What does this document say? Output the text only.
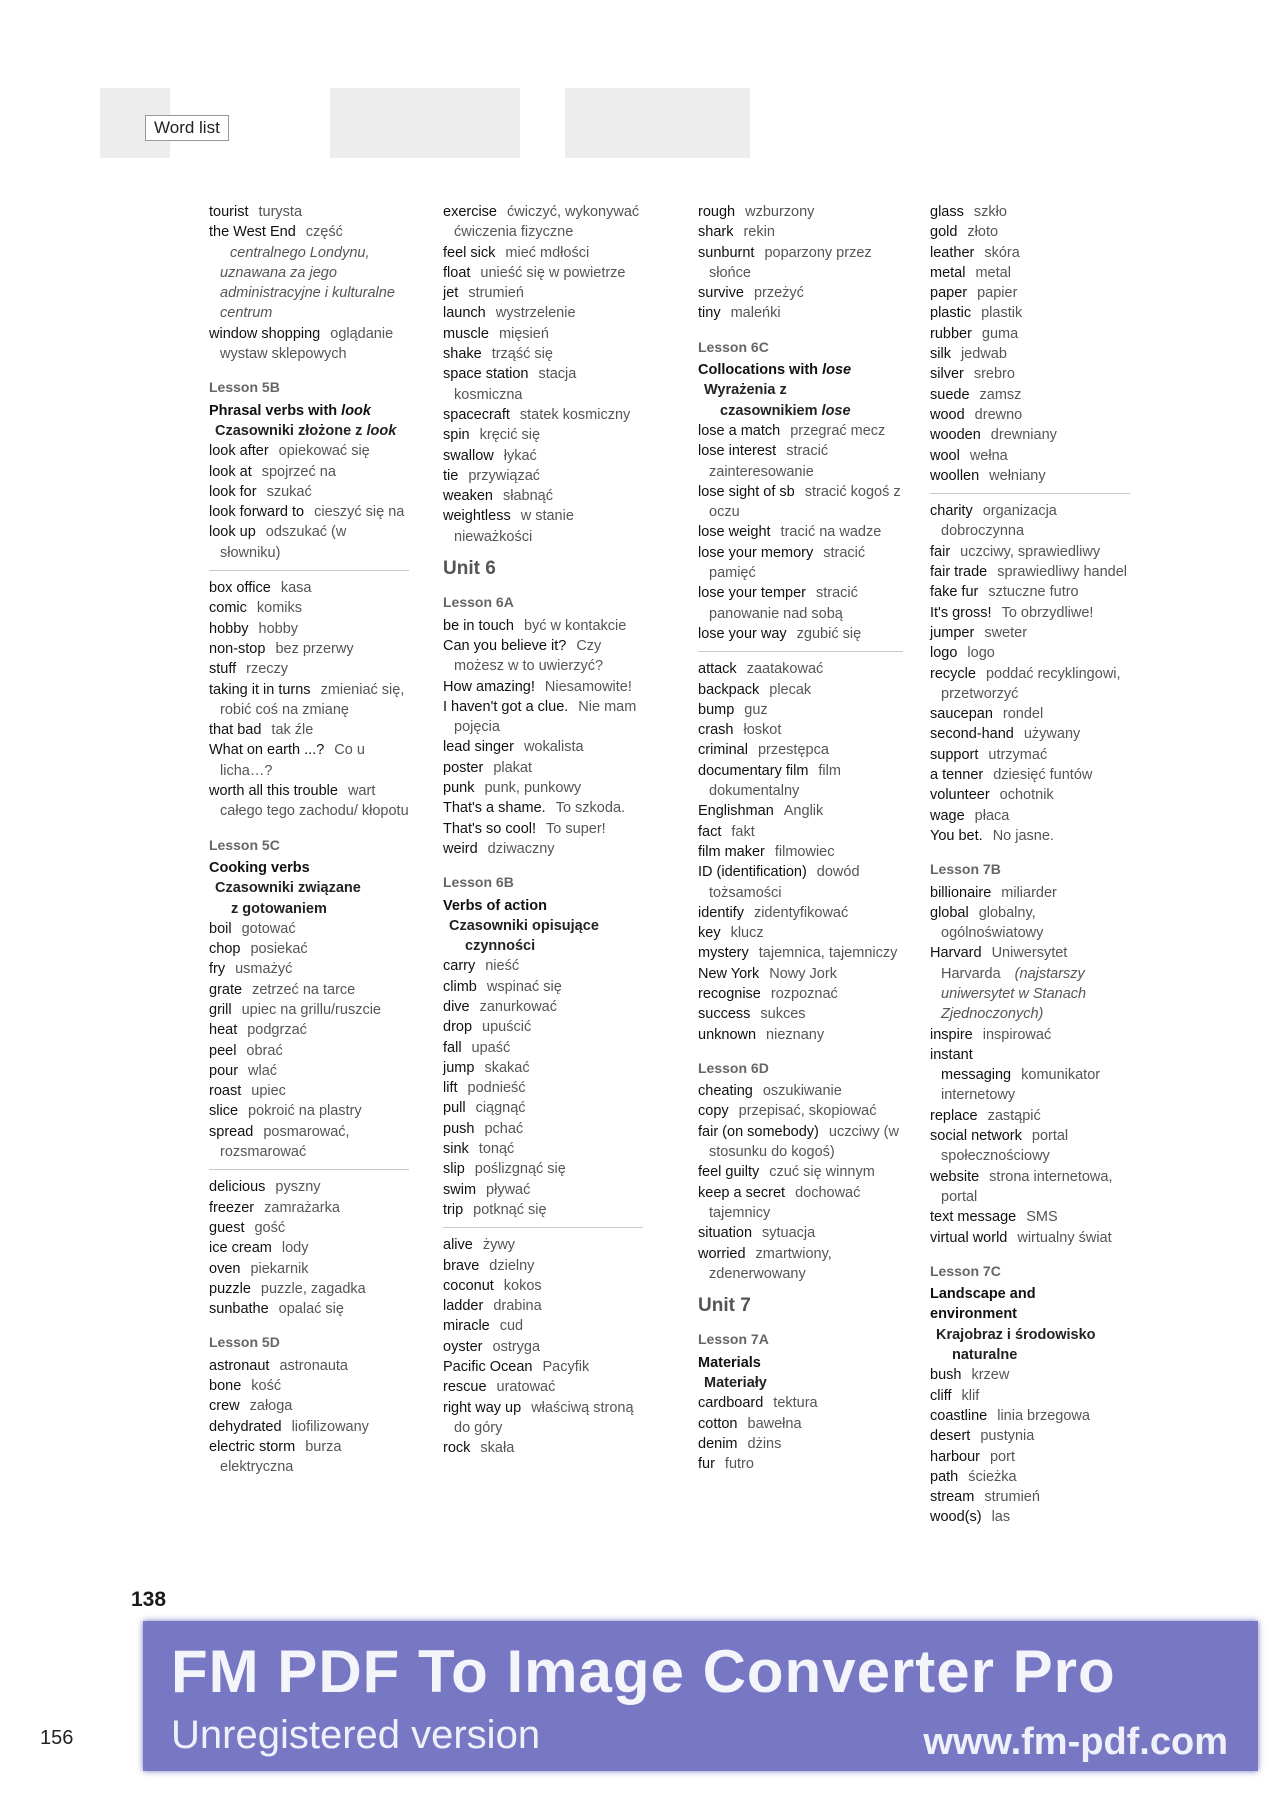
Word list
tourist turysta
the West End część centralnego Londynu, uznawana za jego administracyjne i kulturalne centrum
window shopping oglądanie wystaw sklepowych
Lesson 5B
Phrasal verbs with look
Czasowniki złożone z look
look after opiekować się
look at spojrzeć na
look for szukać
look forward to cieszyć się na
look up odszukać (w słowniku)
box office kasa
comic komiks
hobby hobby
non-stop bez przerwy
stuff rzeczy
taking it in turns zmieniać się, robić coś na zmianę
that bad tak źle
What on earth ...? Co u licha…?
worth all this trouble wart całego tego zachodu/ kłopotu
Lesson 5C
Cooking verbs
Czasowniki związane
z gotowaniem
boil gotować
chop posiekać
fry usmażyć
grate zetrzeć na tarce
grill upiec na grillu/ruszcie
heat podgrzać
peel obrać
pour wlać
roast upiec
slice pokroić na plastry
spread posmarować, rozsmarować
delicious pyszny
freezer zamrażarka
guest gość
ice cream lody
oven piekarnik
puzzle puzzle, zagadka
sunbathe opalać się
Lesson 5D
astronaut astronauta
bone kość
crew załoga
dehydrated liofilizowany
electric storm burza elektryczna
exercise ćwiczyć, wykonywać ćwiczenia fizyczne
feel sick mieć mdłości
float unieść się w powietrze
jet strumień
launch wystrzelenie
muscle mięsień
shake trząść się
space station stacja kosmiczna
spacecraft statek kosmiczny
spin kręcić się
swallow łykać
tie przywiązać
weaken słabnąć
weightless w stanie nieważkości
Unit 6
Lesson 6A
be in touch być w kontakcie
Can you believe it? Czy możesz w to uwierzyć?
How amazing! Niesamowite!
I haven't got a clue. Nie mam pojęcia
lead singer wokalista
poster plakat
punk punk, punkowy
That's a shame. To szkoda.
That's so cool! To super!
weird dziwaczny
Lesson 6B
Verbs of action
Czasowniki opisujące
czynności
carry nieść
climb wspinać się
dive zanurkować
drop upuścić
fall upaść
jump skakać
lift podnieść
pull ciągnąć
push pchać
sink tonąć
slip poślizgnąć się
swim pływać
trip potknąć się
alive żywy
brave dzielny
coconut kokos
ladder drabina
miracle cud
oyster ostryga
Pacific Ocean Pacyfik
rescue uratować
right way up właściwą stroną do góry
rock skała
rough wzburzony
shark rekin
sunburnt poparzony przez słońce
survive przeżyć
tiny maleńki
Lesson 6C
Collocations with lose
Wyrażenia z
czasownikiem lose
lose a match przegrać mecz
lose interest stracić zainteresowanie
lose sight of sb stracić kogoś z oczu
lose weight tracić na wadze
lose your memory stracić pamięć
lose your temper stracić panowanie nad sobą
lose your way zgubić się
attack zaatakować
backpack plecak
bump guz
crash łoskot
criminal przestępca
documentary film film dokumentalny
Englishman Anglik
fact fakt
film maker filmowiec
ID (identification) dowód tożsamości
identify zidentyfikować
key klucz
mystery tajemnica, tajemniczy
New York Nowy Jork
recognise rozpoznać
success sukces
unknown nieznany
Lesson 6D
cheating oszukiwanie
copy przepisać, skopiować
fair (on somebody) uczciwy (w stosunku do kogoś)
feel guilty czuć się winnym
keep a secret dochować tajemnicy
situation sytuacja
worried zmartwiony, zdenerwowany
Unit 7
Lesson 7A
Materials
Materiały
cardboard tektura
cotton bawełna
denim dżins
fur futro
glass szkło
gold złoto
leather skóra
metal metal
paper papier
plastic plastik
rubber guma
silk jedwab
silver srebro
suede zamsz
wood drewno
wooden drewniany
wool wełna
woollen wełniany
charity organizacja dobroczynna
fair uczciwy, sprawiedliwy
fair trade sprawiedliwy handel
fake fur sztuczne futro
It's gross! To obrzydliwe!
jumper sweter
logo logo
recycle poddać recyklingowi, przetworzyć
saucepan rondel
second-hand używany
support utrzymać
a tenner dziesięć funtów
volunteer ochotnik
wage płaca
You bet. No jasne.
Lesson 7B
billionaire miliarder
global globalny, ogólnoświatowy
Harvard Uniwersytet Harvarda (najstarszy uniwersytet w Stanach Zjednoczonych)
inspire inspirować
instant messaging komunikator internetowy
replace zastąpić
social network portal społecznościowy
website strona internetowa, portal
text message SMS
virtual world wirtualny świat
Lesson 7C
Landscape and
environment
Krajobraz i środowisko
naturalne
bush krzew
cliff klif
coastline linia brzegowa
desert pustynia
harbour port
path ścieżka
stream strumień
wood(s) las
138
156
FM PDF To Image Converter Pro
Unregistered version	www.fm-pdf.com
